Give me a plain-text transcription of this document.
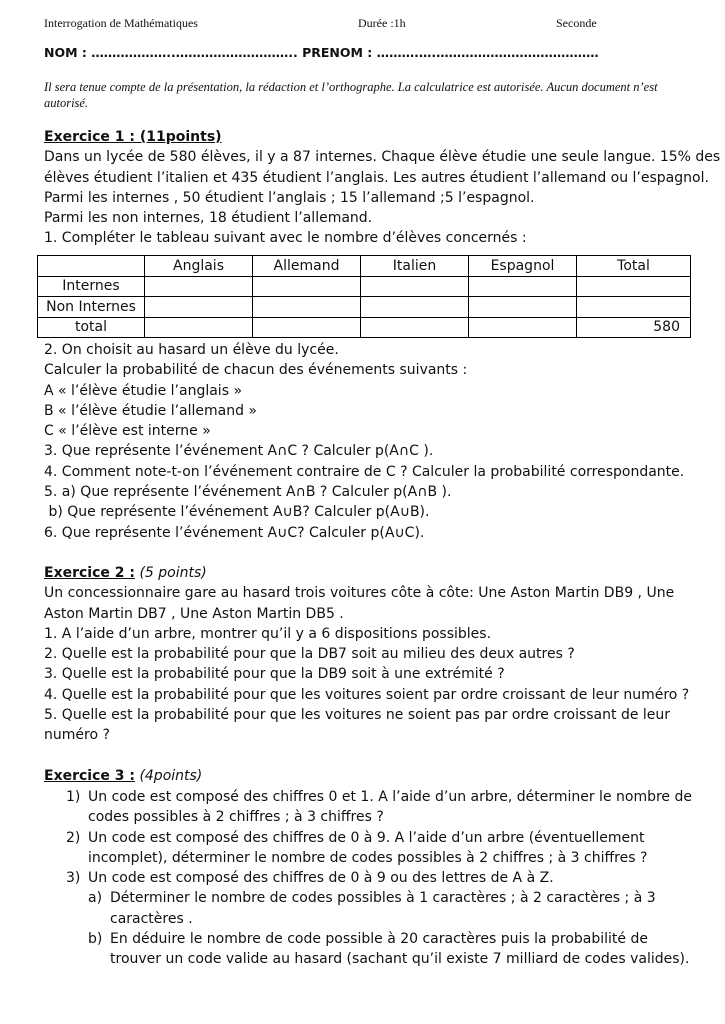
Interrogation de Mathématiques	Durée :1h	Seconde
NOM : ………………..……………………….. PRENOM : ……….….…………………………………
Il sera tenue compte de la présentation, la rédaction et l’orthographe. La calculatrice est autorisée. Aucun document n’est autorisé.
Exercice 1 : (11points)
Dans un lycée de 580 élèves, il y a 87 internes. Chaque élève étudie une seule langue. 15% des
élèves étudient l’italien et 435 étudient l’anglais. Les autres étudient l’allemand ou l’espagnol.
Parmi les internes , 50 étudient l’anglais ; 15 l’allemand ;5 l’espagnol.
Parmi les non internes, 18 étudient l’allemand.
1. Compléter le tableau suivant avec le nombre d’élèves concernés :
	Anglais	Allemand	Italien	Espagnol	Total
Internes					
Non Internes					
total					580
2. On choisit au hasard un élève du lycée.
Calculer la probabilité de chacun des événements suivants :
A « l’élève étudie l’anglais »
B « l’élève étudie l’allemand »
C « l’élève est interne »
3. Que représente l’événement A∩C ? Calculer p(A∩C ).
4. Comment note-t-on l’événement contraire de C ? Calculer la probabilité correspondante.
5. a) Que représente l’événement A∩B ? Calculer p(A∩B ).
b) Que représente l’événement A∪B? Calculer p(A∪B).
6. Que représente l’événement A∪C? Calculer p(A∪C).
Exercice 2 : (5 points)
Un concessionnaire gare au hasard trois voitures côte à côte: Une Aston Martin DB9 , Une
Aston Martin DB7 , Une Aston Martin DB5 .
1. A l’aide d’un arbre, montrer qu’il y a 6 dispositions possibles.
2. Quelle est la probabilité pour que la DB7 soit au milieu des deux autres ?
3. Quelle est la probabilité pour que la DB9 soit à une extrémité ?
4. Quelle est la probabilité pour que les voitures soient par ordre croissant de leur numéro ?
5. Quelle est la probabilité pour que les voitures ne soient pas par ordre croissant de leur
numéro ?
Exercice 3 : (4points)
1) Un code est composé des chiffres 0 et 1. A l’aide d’un arbre, déterminer le nombre de
codes possibles à 2 chiffres ; à 3 chiffres ?
2) Un code est composé des chiffres de 0 à 9. A l’aide d’un arbre (éventuellement
incomplet), déterminer le nombre de codes possibles à 2 chiffres ; à 3 chiffres ?
3) Un code est composé des chiffres de 0 à 9 ou des lettres de A à Z.
a) Déterminer le nombre de codes possibles à 1 caractères ; à 2 caractères ; à 3
caractères .
b) En déduire le nombre de code possible à 20 caractères puis la probabilité de
trouver un code valide au hasard (sachant qu’il existe 7 milliard de codes valides).
